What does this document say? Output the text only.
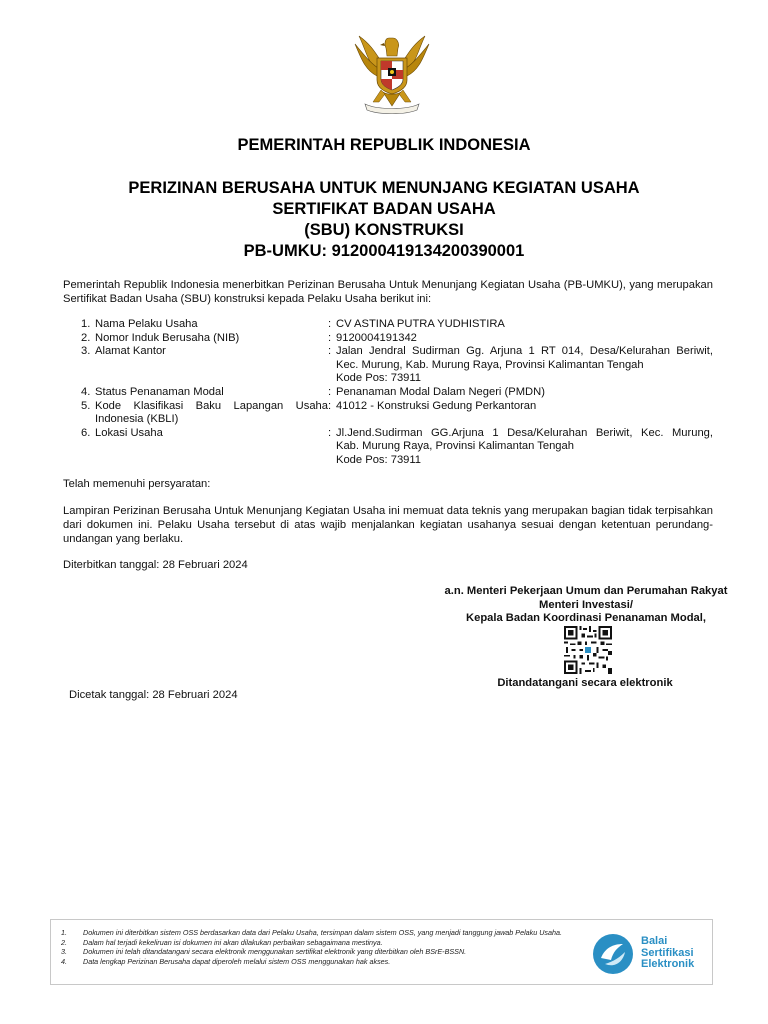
PEMERINTAH REPUBLIK INDONESIA
PERIZINAN BERUSAHA UNTUK MENUNJANG KEGIATAN USAHA
SERTIFIKAT BADAN USAHA
(SBU) KONSTRUKSI
PB-UMKU: 912000419134200390001
Pemerintah Republik Indonesia menerbitkan Perizinan Berusaha Untuk Menunjang Kegiatan Usaha (PB-UMKU), yang merupakan Sertifikat Badan Usaha (SBU) konstruksi kepada Pelaku Usaha berikut ini:
1. Nama Pelaku Usaha	: CV ASTINA PUTRA YUDHISTIRA
2. Nomor Induk Berusaha (NIB)	: 9120004191342
3. Alamat Kantor	: Jalan Jendral Sudirman Gg. Arjuna 1 RT 014, Desa/Kelurahan Beriwit,
Kec. Murung, Kab. Murung Raya, Provinsi Kalimantan Tengah
Kode Pos: 73911
4. Status Penanaman Modal	: Penanaman Modal Dalam Negeri (PMDN)
5. Kode Klasifikasi Baku Lapangan Usaha Indonesia (KBLI)
: 41012 - Konstruksi Gedung Perkantoran
6. Lokasi Usaha	: Jl.Jend.Sudirman GG.Arjuna 1 Desa/Kelurahan Beriwit, Kec. Murung,
Kab. Murung Raya, Provinsi Kalimantan Tengah
Kode Pos: 73911
Telah memenuhi persyaratan:
Lampiran Perizinan Berusaha Untuk Menunjang Kegiatan Usaha ini memuat data teknis yang merupakan bagian tidak terpisahkan dari dokumen ini. Pelaku Usaha tersebut di atas wajib menjalankan kegiatan usahanya sesuai dengan ketentuan perundang-undangan yang berlaku.
Diterbitkan tanggal: 28 Februari 2024
a.n. Menteri Pekerjaan Umum dan Perumahan Rakyat
Menteri Investasi/
Kepala Badan Koordinasi Penanaman Modal,
Ditandatangani secara elektronik
Dicetak tanggal: 28 Februari 2024
1.	Dokumen ini diterbitkan sistem OSS berdasarkan data dari Pelaku Usaha, tersimpan dalam sistem OSS, yang menjadi tanggung jawab Pelaku Usaha.
2.	Dalam hal terjadi kekeliruan isi dokumen ini akan dilakukan perbaikan sebagaimana mestinya.
3.	Dokumen ini telah ditandatangani secara elektronik menggunakan sertifikat elektronik yang diterbitkan oleh BSrE-BSSN.
4.	Data lengkap Perizinan Berusaha dapat diperoleh melalui sistem OSS menggunakan hak akses.
Balai
Sertifikasi
Elektronik
